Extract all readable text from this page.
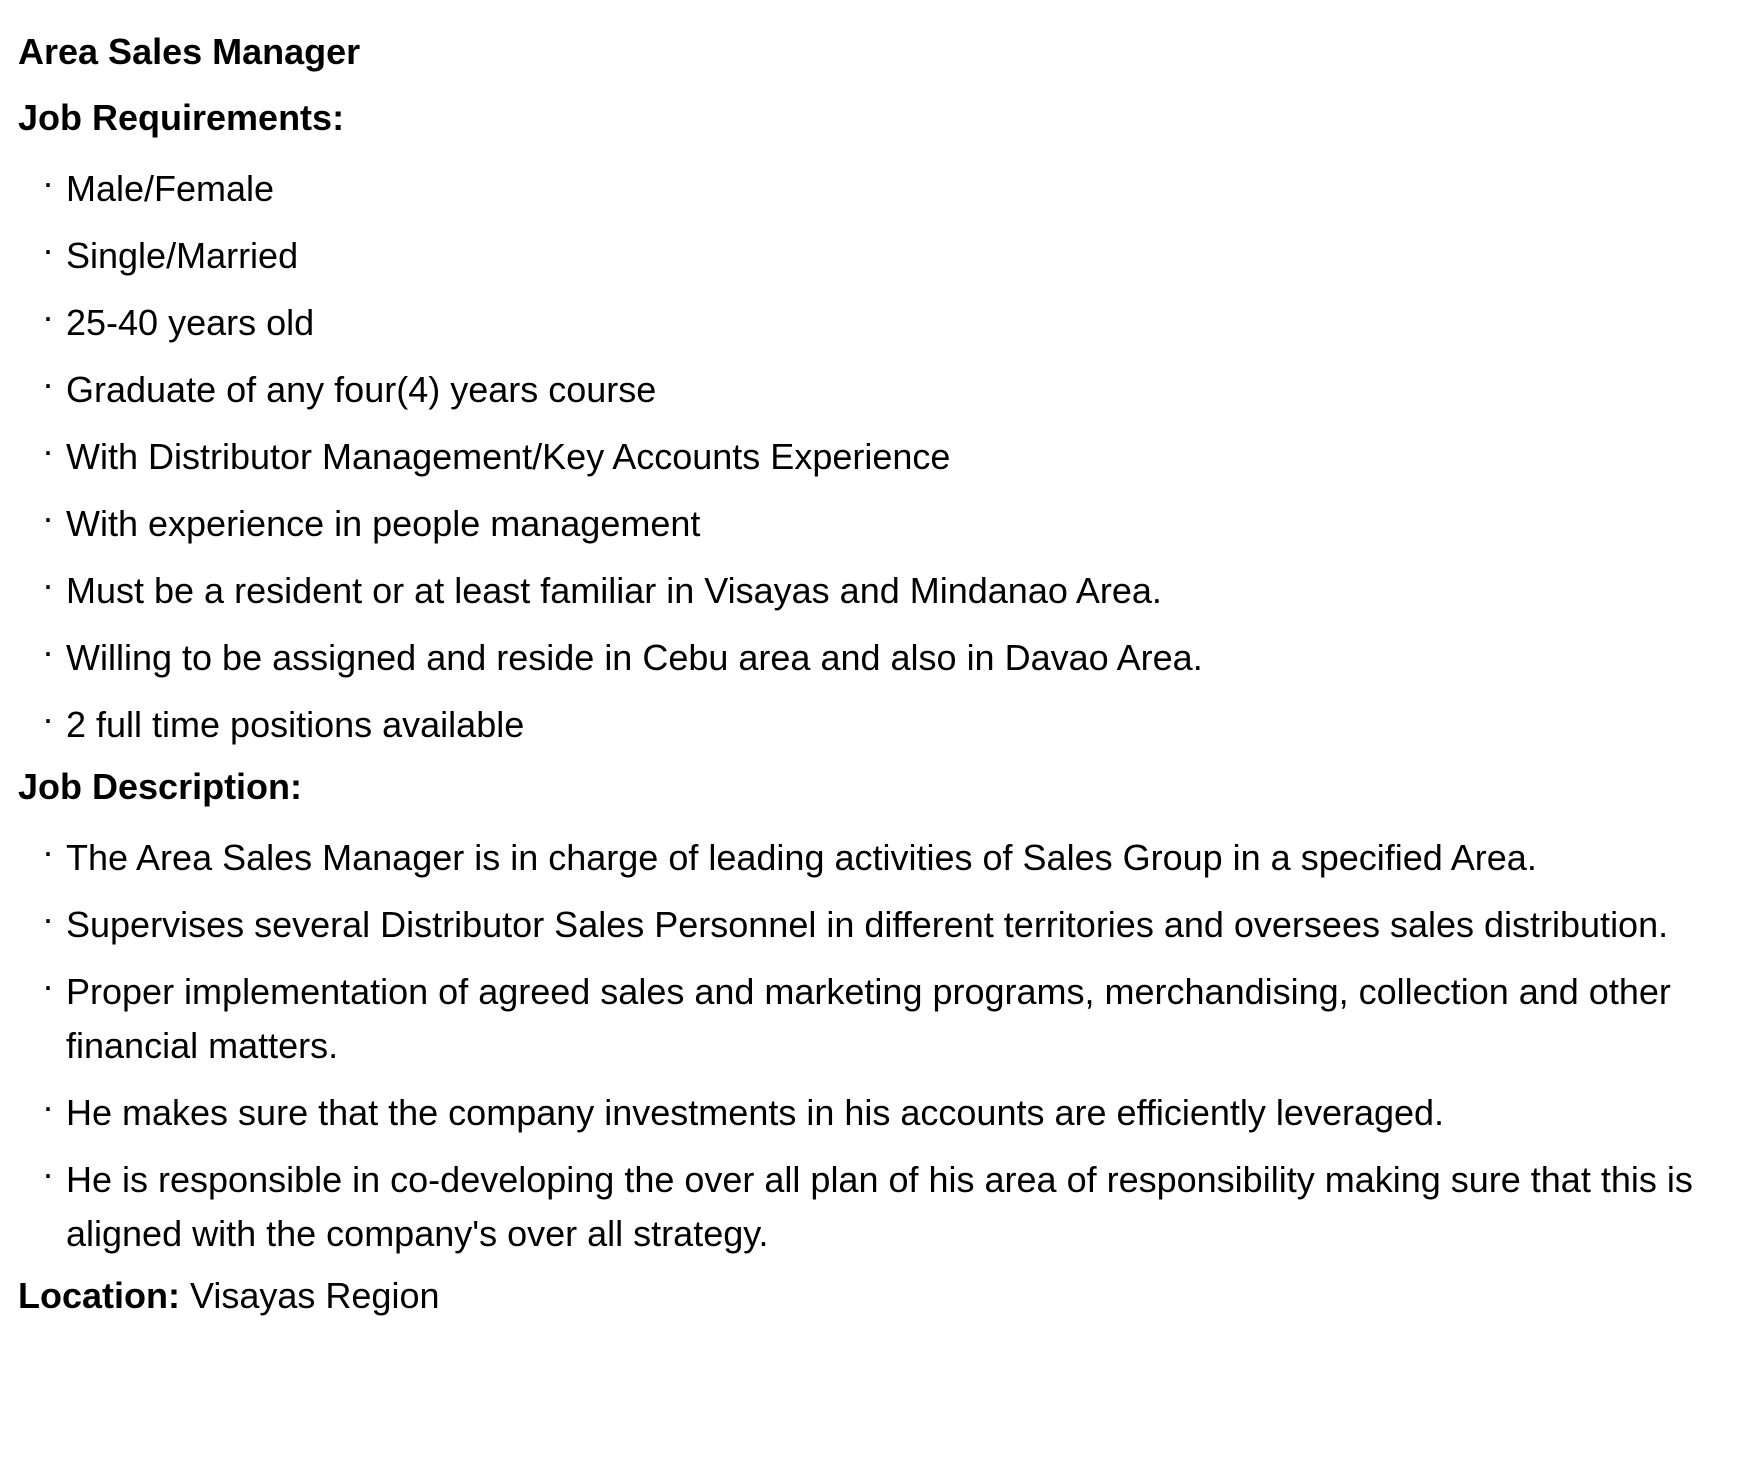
Area Sales Manager
Job Requirements:
· Male/Female
· Single/Married
· 25-40 years old
· Graduate of any four(4) years course
· With Distributor Management/Key Accounts Experience
· With experience in people management
· Must be a resident or at least familiar in Visayas and Mindanao Area.
· Willing to be assigned and reside in Cebu area and also in Davao Area.
· 2 full time positions available
Job Description:
· The Area Sales Manager is in charge of leading activities of Sales Group in a specified Area.
· Supervises several Distributor Sales Personnel in different territories and oversees sales distribution.
· Proper implementation of agreed sales and marketing programs, merchandising, collection and other financial matters.
· He makes sure that the company investments in his accounts are efficiently leveraged.
· He is responsible in co-developing the over all plan of his area of responsibility making sure that this is aligned with the company's over all strategy.
Location: Visayas Region
